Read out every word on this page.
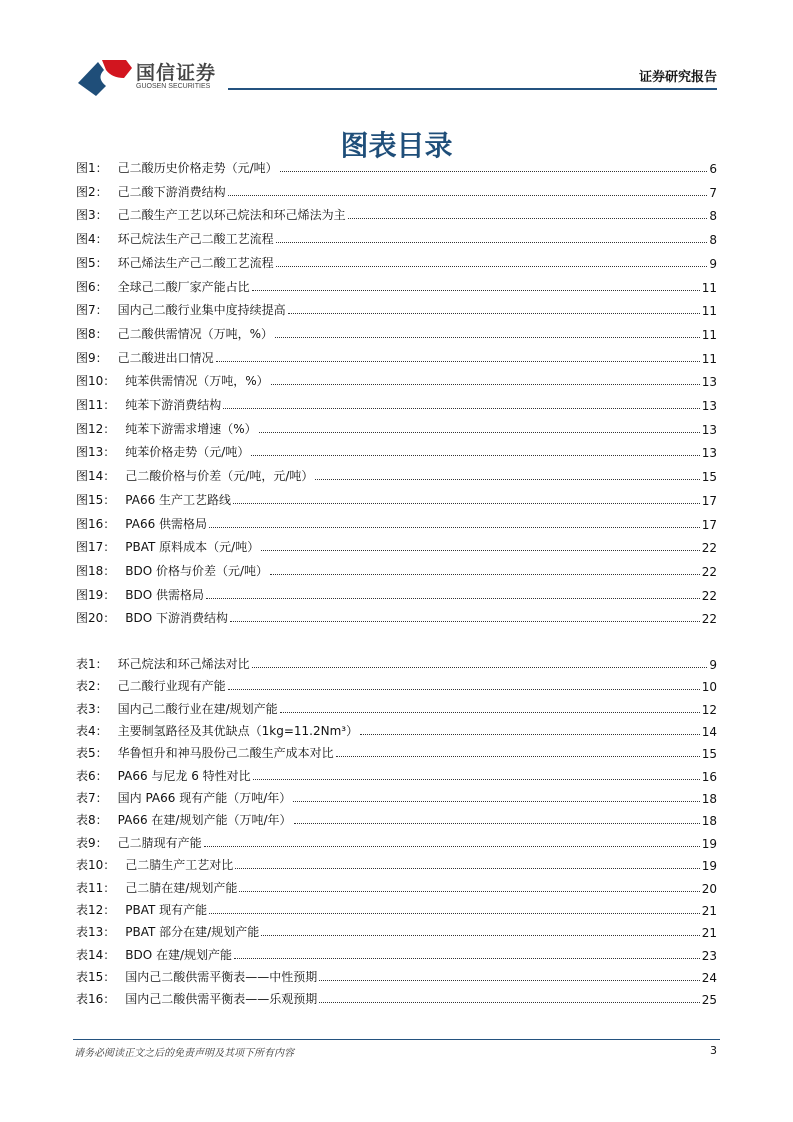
国信证券
GUOSEN SECURITIES
证券研究报告
图表目录
图1： 己二酸历史价格走势（元/吨）	6
图2： 己二酸下游消费结构	7
图3： 己二酸生产工艺以环己烷法和环己烯法为主	8
图4： 环己烷法生产己二酸工艺流程	8
图5： 环己烯法生产己二酸工艺流程	9
图6： 全球己二酸厂家产能占比	11
图7： 国内己二酸行业集中度持续提高	11
图8： 己二酸供需情况（万吨，%）	11
图9： 己二酸进出口情况	11
图10： 纯苯供需情况（万吨，%）	13
图11： 纯苯下游消费结构	13
图12： 纯苯下游需求增速（%）	13
图13： 纯苯价格走势（元/吨）	13
图14： 己二酸价格与价差（元/吨，元/吨）	15
图15： PA66 生产工艺路线	17
图16： PA66 供需格局	17
图17： PBAT 原料成本（元/吨）	22
图18： BDO 价格与价差（元/吨）	22
图19： BDO 供需格局	22
图20： BDO 下游消费结构	22
表1： 环己烷法和环己烯法对比	9
表2： 己二酸行业现有产能	10
表3： 国内己二酸行业在建/规划产能	12
表4： 主要制氢路径及其优缺点（1kg=11.2Nm³）	14
表5： 华鲁恒升和神马股份己二酸生产成本对比	15
表6： PA66 与尼龙 6 特性对比	16
表7： 国内 PA66 现有产能（万吨/年）	18
表8： PA66 在建/规划产能（万吨/年）	18
表9： 己二腈现有产能	19
表10： 己二腈生产工艺对比	19
表11： 己二腈在建/规划产能	20
表12： PBAT 现有产能	21
表13： PBAT 部分在建/规划产能	21
表14： BDO 在建/规划产能	23
表15： 国内己二酸供需平衡表——中性预期	24
表16： 国内己二酸供需平衡表——乐观预期	25
请务必阅读正文之后的免责声明及其项下所有内容	3
